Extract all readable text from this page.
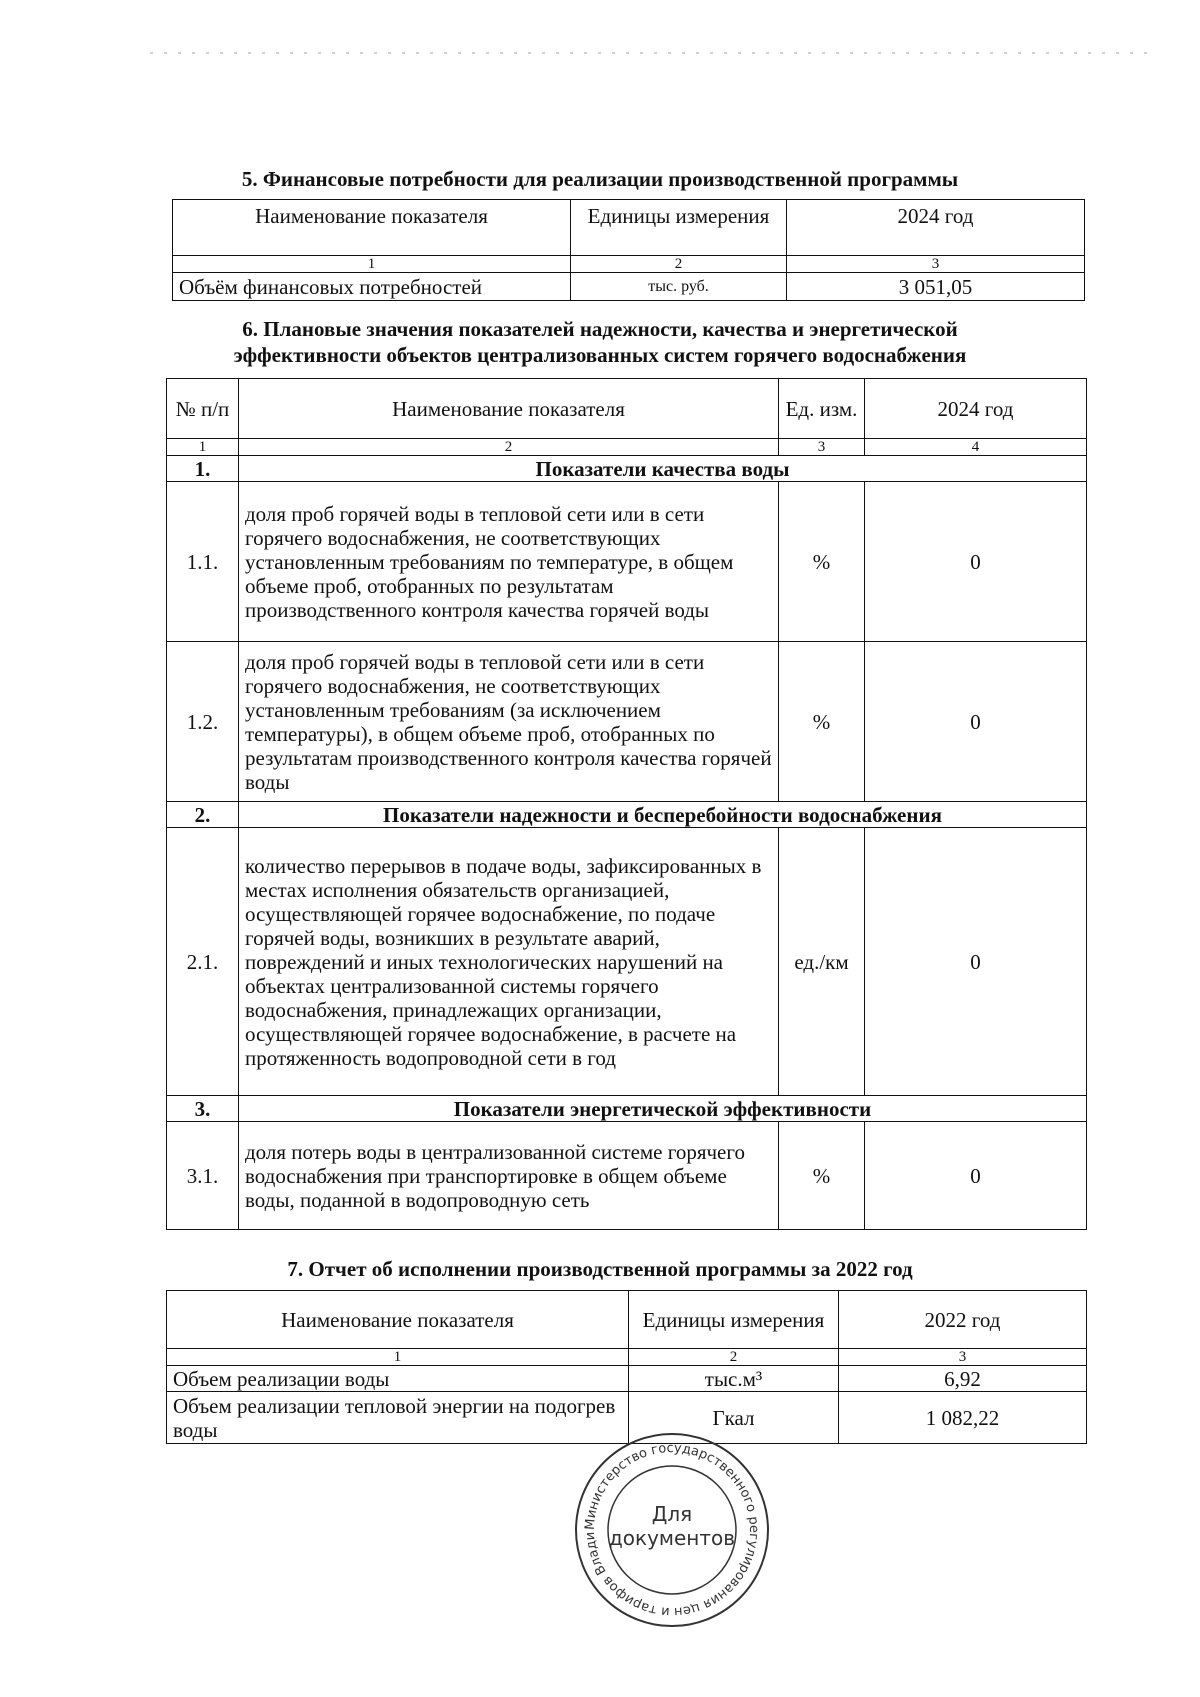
5. Финансовые потребности для реализации производственной программы
Наименование показателя	Единицы измерения	2024 год
1	2	3
Объём финансовых потребностей	тыс. руб.	3 051,05
6. Плановые значения показателей надежности, качества и энергетической
эффективности объектов централизованных систем горячего водоснабжения
№ п/п	Наименование показателя	Ед. изм.	2024 год
1	2	3	4
1.	Показатели качества воды		
1.1.	доля проб горячей воды в тепловой сети или в сети горячего водоснабжения, не соответствующих установленным требованиям по температуре, в общем объеме проб, отобранных по результатам производственного контроля качества горячей воды	%	0
1.2.	доля проб горячей воды в тепловой сети или в сети горячего водоснабжения, не соответствующих установленным требованиям (за исключением температуры), в общем объеме проб, отобранных по результатам производственного контроля качества горячей воды	%	0
2.	Показатели надежности и бесперебойности водоснабжения		
2.1.	количество перерывов в подаче воды, зафиксированных в местах исполнения обязательств организацией, осуществляющей горячее водоснабжение, по подаче горячей воды, возникших в результате аварий, повреждений и иных технологических нарушений на объектах централизованной системы горячего водоснабжения, принадлежащих организации, осуществляющей горячее водоснабжение, в расчете на протяженность водопроводной сети в год	ед./км	0
3.	Показатели энергетической эффективности		
3.1.	доля потерь воды в централизованной системе горячего водоснабжения при транспортировке в общем объеме воды, поданной в водопроводную сеть	%	0
7. Отчет об исполнении производственной программы за 2022 год
Наименование показателя	Единицы измерения	2022 год
1	2	3
Объем реализации воды	тыс.м³	6,92
Объем реализации тепловой энергии на подогрев воды	Гкал	1 082,22
Министерство государственного регулирования цен и тарифов Влади
Для
документов
